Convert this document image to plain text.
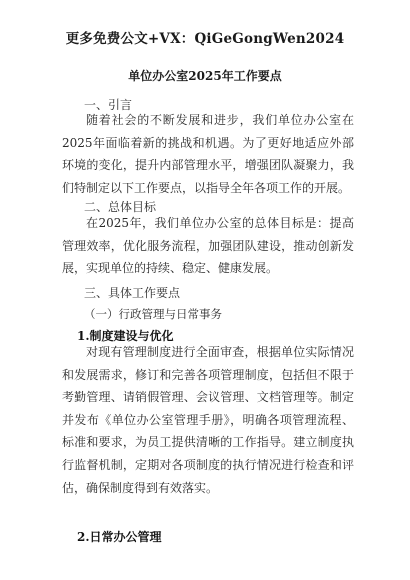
更多免费公文+VX：QiGeGongWen2024
单位办公室2025年工作要点
一、引言
随着社会的不断发展和进步，我们单位办公室在2025年面临着新的挑战和机遇。为了更好地适应外部环境的变化，提升内部管理水平，增强团队凝聚力，我们特制定以下工作要点，以指导全年各项工作的开展。
二、总体目标
在2025年，我们单位办公室的总体目标是：提高管理效率，优化服务流程，加强团队建设，推动创新发展，实现单位的持续、稳定、健康发展。
三、具体工作要点
（一）行政管理与日常事务
1.制度建设与优化
对现有管理制度进行全面审查，根据单位实际情况和发展需求，修订和完善各项管理制度，包括但不限于考勤管理、请销假管理、会议管理、文档管理等。制定并发布《单位办公室管理手册》，明确各项管理流程、标准和要求，为员工提供清晰的工作指导。建立制度执行监督机制，定期对各项制度的执行情况进行检查和评估，确保制度得到有效落实。
2.日常办公管理
